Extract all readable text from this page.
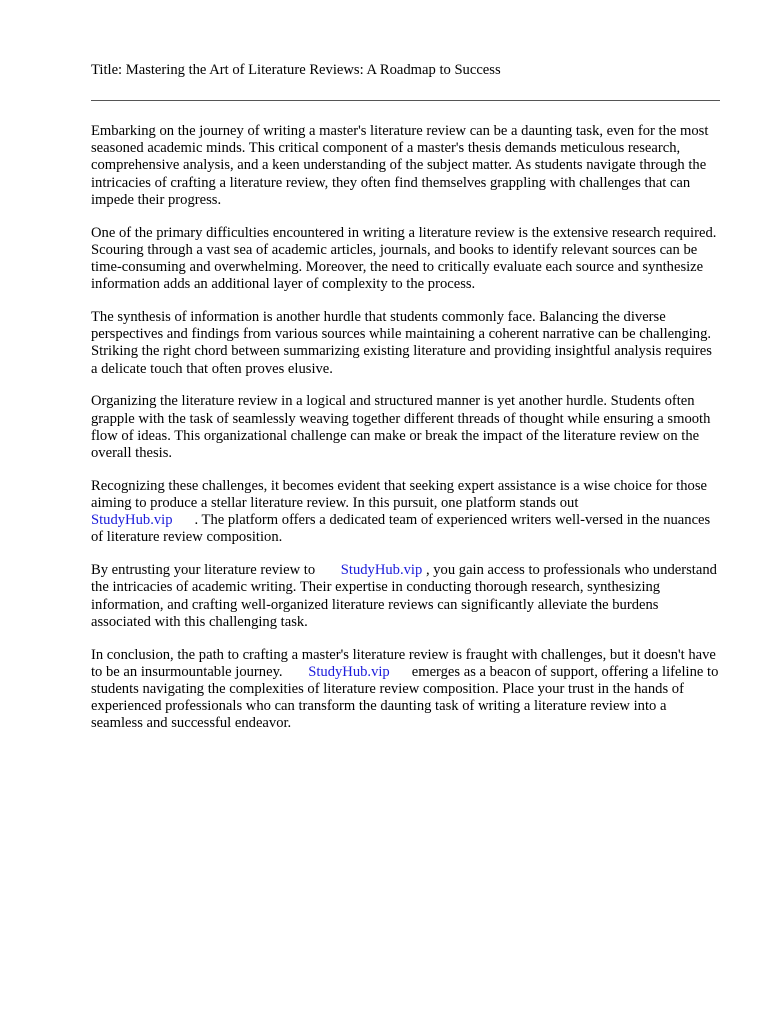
Title: Mastering the Art of Literature Reviews: A Roadmap to Success

Embarking on the journey of writing a master's literature review can be a daunting task, even for the most seasoned academic minds. This critical component of a master's thesis demands meticulous research, comprehensive analysis, and a keen understanding of the subject matter. As students navigate through the intricacies of crafting a literature review, they often find themselves grappling with challenges that can impede their progress.

One of the primary difficulties encountered in writing a literature review is the extensive research required. Scouring through a vast sea of academic articles, journals, and books to identify relevant sources can be time-consuming and overwhelming. Moreover, the need to critically evaluate each source and synthesize information adds an additional layer of complexity to the process.

The synthesis of information is another hurdle that students commonly face. Balancing the diverse perspectives and findings from various sources while maintaining a coherent narrative can be challenging. Striking the right chord between summarizing existing literature and providing insightful analysis requires a delicate touch that often proves elusive.

Organizing the literature review in a logical and structured manner is yet another hurdle. Students often grapple with the task of seamlessly weaving together different threads of thought while ensuring a smooth flow of ideas. This organizational challenge can make or break the impact of the literature review on the overall thesis.

Recognizing these challenges, it becomes evident that seeking expert assistance is a wise choice for those aiming to produce a stellar literature review. In this pursuit, one platform stands out
StudyHub.vip . The platform offers a dedicated team of experienced writers well-versed in the nuances of literature review composition.

By entrusting your literature review to StudyHub.vip , you gain access to professionals who understand the intricacies of academic writing. Their expertise in conducting thorough research, synthesizing information, and crafting well-organized literature reviews can significantly alleviate the burdens associated with this challenging task.

In conclusion, the path to crafting a master's literature review is fraught with challenges, but it doesn't have to be an insurmountable journey. StudyHub.vip emerges as a beacon of support, offering a lifeline to students navigating the complexities of literature review composition. Place your trust in the hands of experienced professionals who can transform the daunting task of writing a literature review into a seamless and successful endeavor.
